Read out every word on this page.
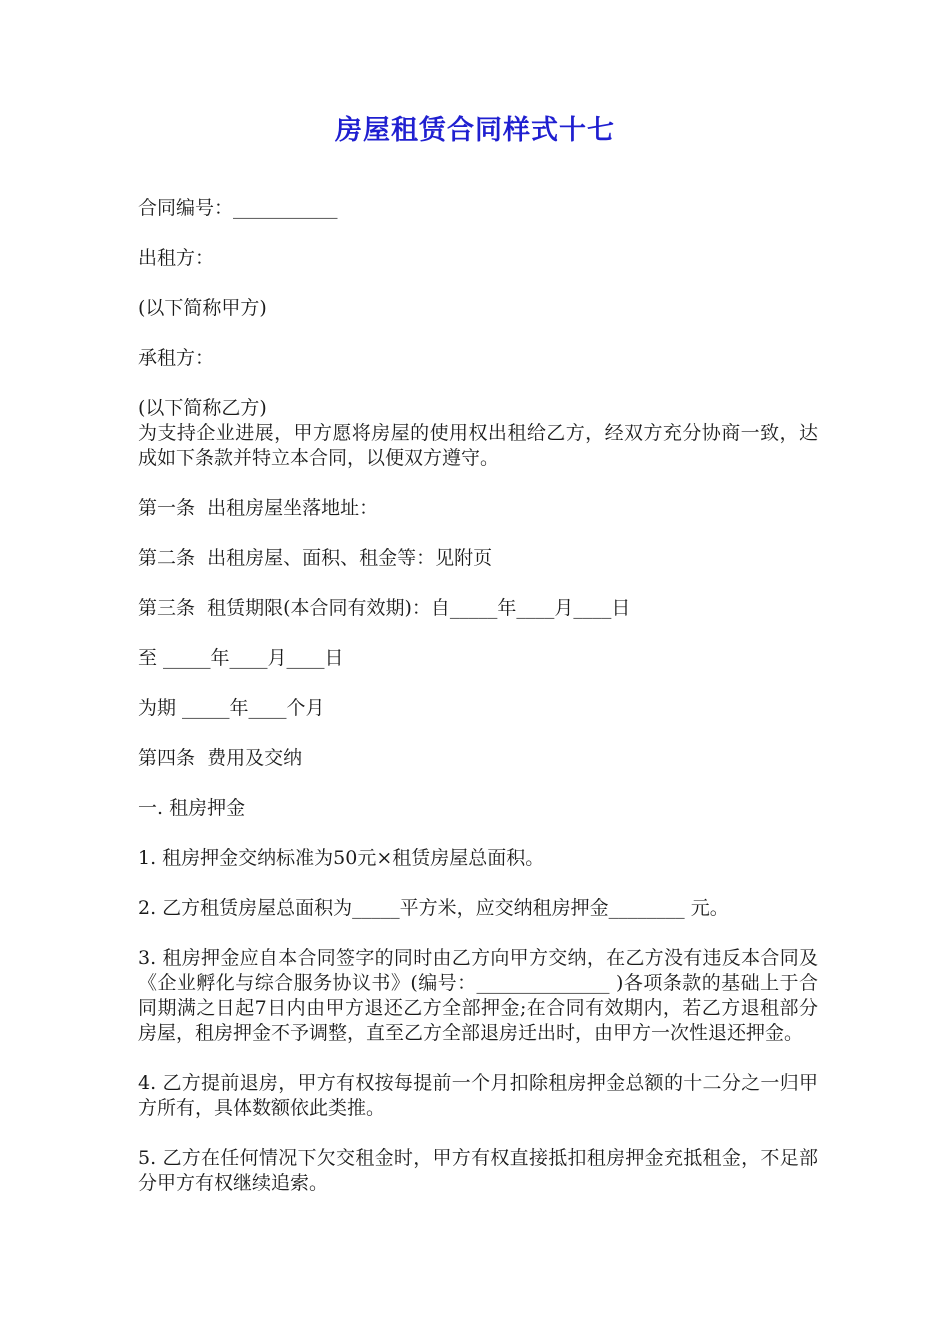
房屋租赁合同样式十七

合同编号：___________

出租方：

(以下简称甲方)

承租方：

(以下简称乙方)

为支持企业进展，甲方愿将房屋的使用权出租给乙方，经双方充分协商一致，达成如下条款并特立本合同，以便双方遵守。

第一条  出租房屋坐落地址：

第二条  出租房屋、面积、租金等：见附页

第三条  租赁期限(本合同有效期)：自_____年____月____日

至 _____年____月____日

为期 _____年____个月

第四条  费用及交纳

一. 租房押金

1. 租房押金交纳标准为50元×租赁房屋总面积。

2. 乙方租赁房屋总面积为_____平方米，应交纳租房押金________ 元。

3. 租房押金应自本合同签字的同时由乙方向甲方交纳，在乙方没有违反本合同及《企业孵化与综合服务协议书》(编号：______________ )各项条款的基础上于合同期满之日起7日内由甲方退还乙方全部押金;在合同有效期内，若乙方退租部分房屋，租房押金不予调整，直至乙方全部退房迁出时，由甲方一次性退还押金。

4. 乙方提前退房，甲方有权按每提前一个月扣除租房押金总额的十二分之一归甲方所有，具体数额依此类推。

5. 乙方在任何情况下欠交租金时，甲方有权直接抵扣租房押金充抵租金，不足部分甲方有权继续追索。
